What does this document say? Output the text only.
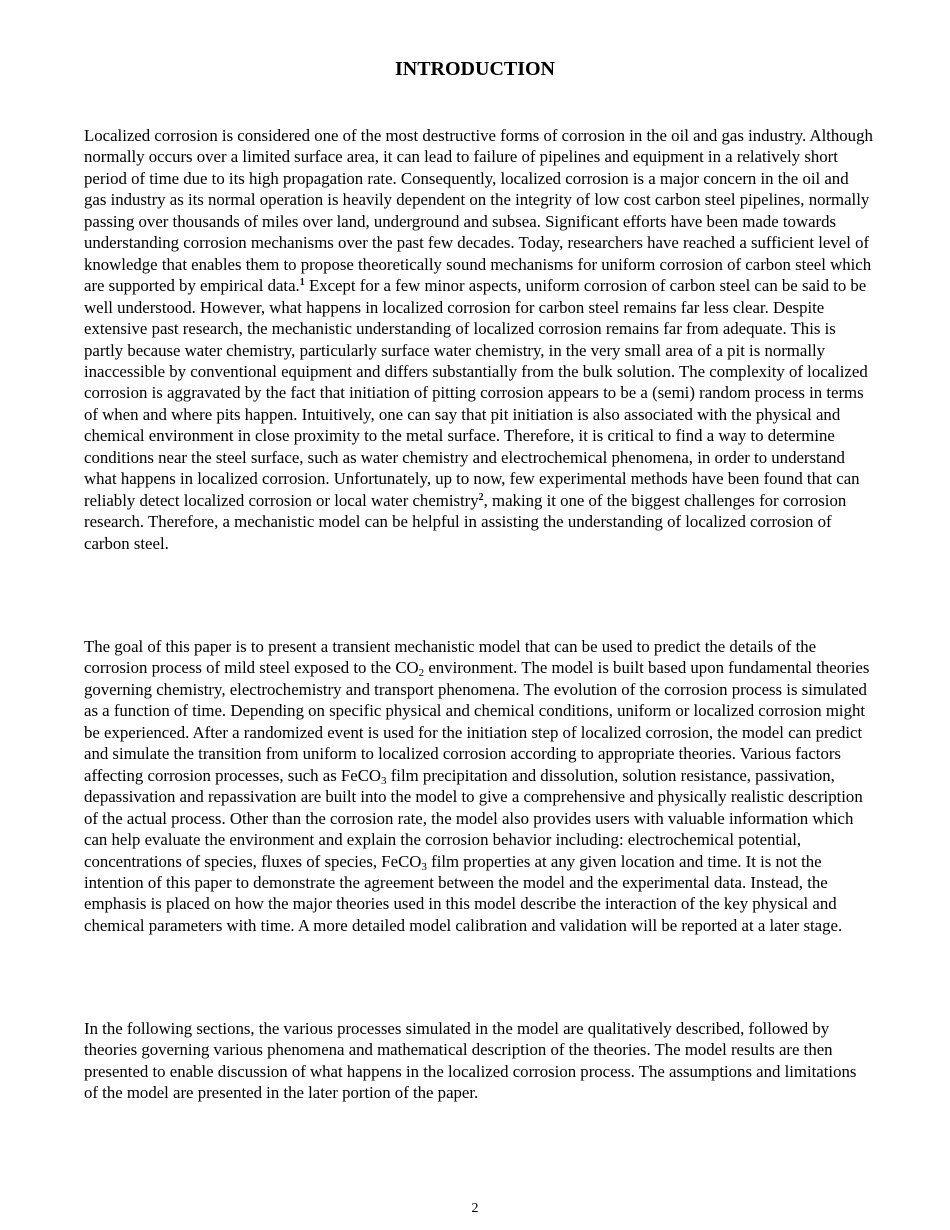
INTRODUCTION

Localized corrosion is considered one of the most destructive forms of corrosion in the oil and gas industry. Although normally occurs over a limited surface area, it can lead to failure of pipelines and equipment in a relatively short period of time due to its high propagation rate. Consequently, localized corrosion is a major concern in the oil and gas industry as its normal operation is heavily dependent on the integrity of low cost carbon steel pipelines, normally passing over thousands of miles over land, underground and subsea. Significant efforts have been made towards understanding corrosion mechanisms over the past few decades. Today, researchers have reached a sufficient level of knowledge that enables them to propose theoretically sound mechanisms for uniform corrosion of carbon steel which are supported by empirical data.$^1$ Except for a few minor aspects, uniform corrosion of carbon steel can be said to be well understood. However, what happens in localized corrosion for carbon steel remains far less clear. Despite extensive past research, the mechanistic understanding of localized corrosion remains far from adequate. This is partly because water chemistry, particularly surface water chemistry, in the very small area of a pit is normally inaccessible by conventional equipment and differs substantially from the bulk solution. The complexity of localized corrosion is aggravated by the fact that initiation of pitting corrosion appears to be a (semi) random process in terms of when and where pits happen. Intuitively, one can say that pit initiation is also associated with the physical and chemical environment in close proximity to the metal surface. Therefore, it is critical to find a way to determine conditions near the steel surface, such as water chemistry and electrochemical phenomena, in order to understand what happens in localized corrosion. Unfortunately, up to now, few experimental methods have been found that can reliably detect localized corrosion or local water chemistry$^2$, making it one of the biggest challenges for corrosion research. Therefore, a mechanistic model can be helpful in assisting the understanding of localized corrosion of carbon steel.

The goal of this paper is to present a transient mechanistic model that can be used to predict the details of the corrosion process of mild steel exposed to the $CO_2$ environment. The model is built based upon fundamental theories governing chemistry, electrochemistry and transport phenomena. The evolution of the corrosion process is simulated as a function of time. Depending on specific physical and chemical conditions, uniform or localized corrosion might be experienced. After a randomized event is used for the initiation step of localized corrosion, the model can predict and simulate the transition from uniform to localized corrosion according to appropriate theories. Various factors affecting corrosion processes, such as FeCO$_3$ film precipitation and dissolution, solution resistance, passivation, depassivation and repassivation are built into the model to give a comprehensive and physically realistic description of the actual process. Other than the corrosion rate, the model also provides users with valuable information which can help evaluate the environment and explain the corrosion behavior including: electrochemical potential, concentrations of species, fluxes of species, FeCO$_3$ film properties at any given location and time. It is not the intention of this paper to demonstrate the agreement between the model and the experimental data. Instead, the emphasis is placed on how the major theories used in this model describe the interaction of the key physical and chemical parameters with time. A more detailed model calibration and validation will be reported at a later stage.

In the following sections, the various processes simulated in the model are qualitatively described, followed by theories governing various phenomena and mathematical description of the theories. The model results are then presented to enable discussion of what happens in the localized corrosion process. The assumptions and limitations of the model are presented in the later portion of the paper.

2
